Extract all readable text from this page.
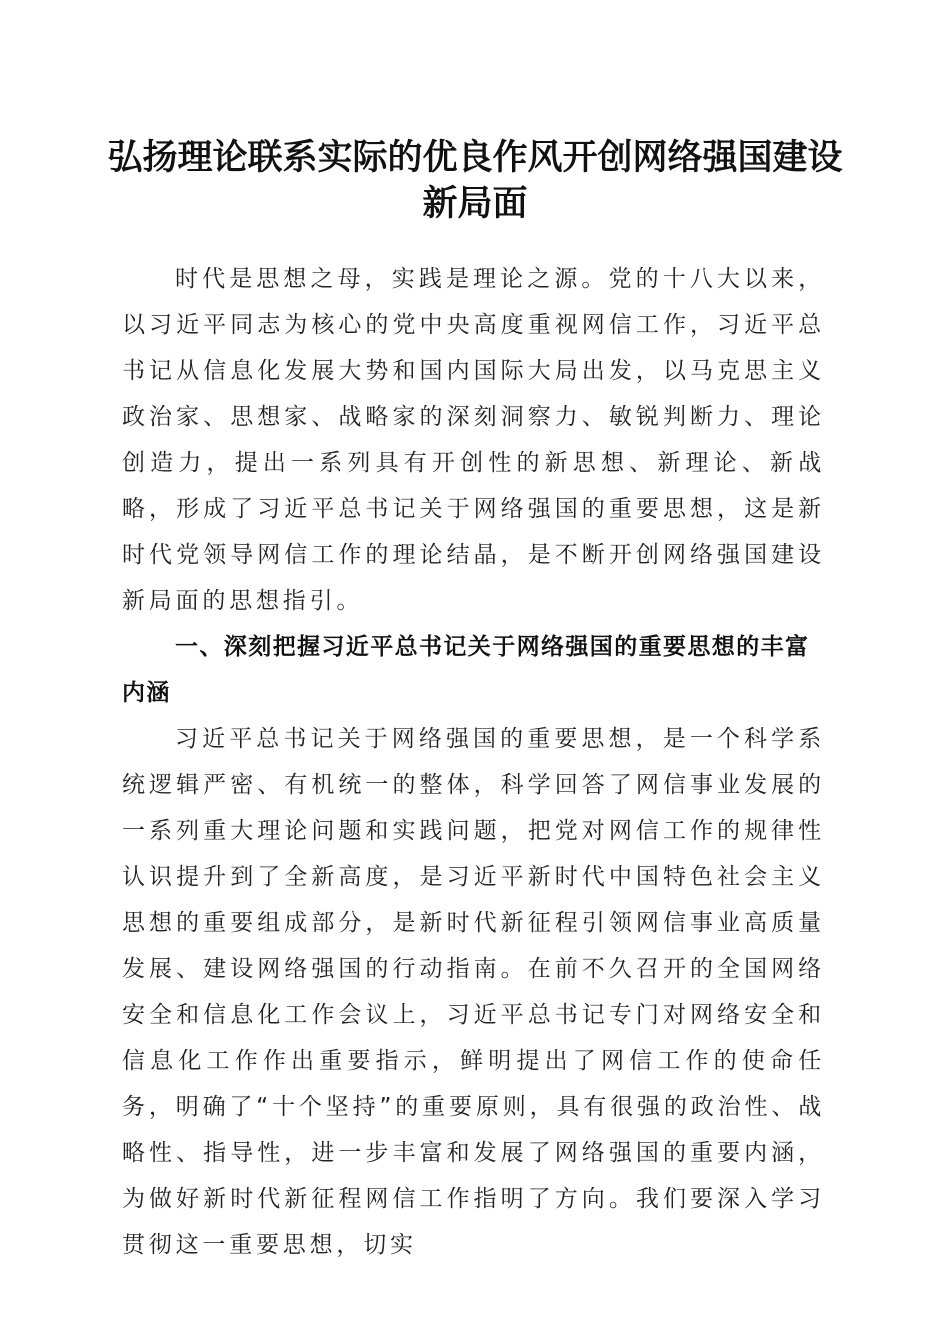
弘扬理论联系实际的优良作风开创网络强国建设新局面

时代是思想之母，实践是理论之源。党的十八大以来，以习近平同志为核心的党中央高度重视网信工作，习近平总书记从信息化发展大势和国内国际大局出发，以马克思主义政治家、思想家、战略家的深刻洞察力、敏锐判断力、理论创造力，提出一系列具有开创性的新思想、新理论、新战略，形成了习近平总书记关于网络强国的重要思想，这是新时代党领导网信工作的理论结晶，是不断开创网络强国建设新局面的思想指引。

一、深刻把握习近平总书记关于网络强国的重要思想的丰富内涵

习近平总书记关于网络强国的重要思想，是一个科学系统逻辑严密、有机统一的整体，科学回答了网信事业发展的一系列重大理论问题和实践问题，把党对网信工作的规律性认识提升到了全新高度，是习近平新时代中国特色社会主义思想的重要组成部分，是新时代新征程引领网信事业高质量发展、建设网络强国的行动指南。在前不久召开的全国网络安全和信息化工作会议上，习近平总书记专门对网络安全和信息化工作作出重要指示，鲜明提出了网信工作的使命任务，明确了“十个坚持”的重要原则，具有很强的政治性、战略性、指导性，进一步丰富和发展了网络强国的重要内涵，为做好新时代新征程网信工作指明了方向。我们要深入学习贯彻这一重要思想，切实
